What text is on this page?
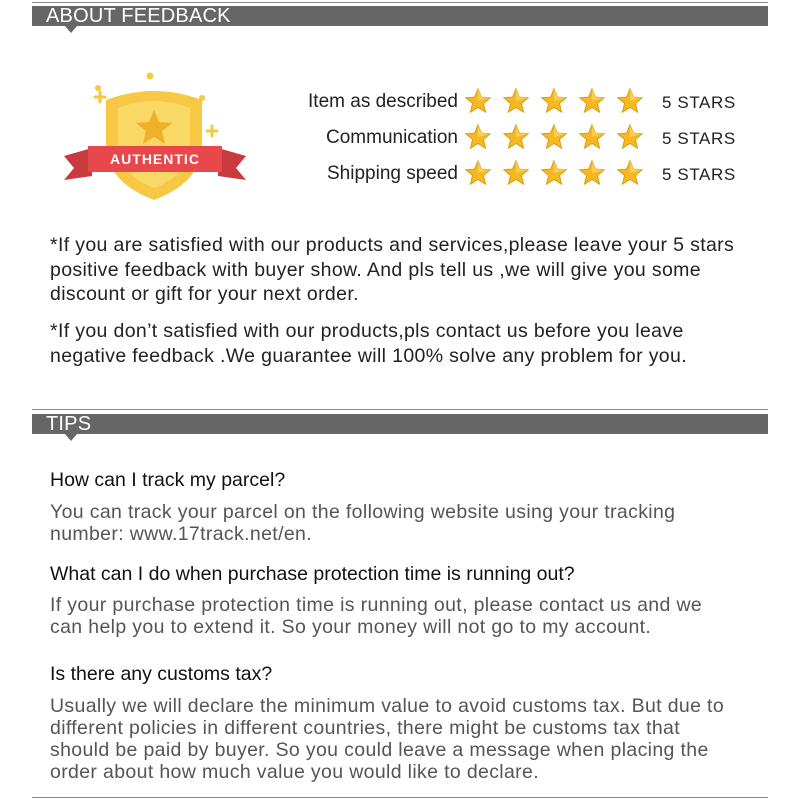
ABOUT FEEDBACK
AUTHENTIC
Item as described	5 STARS
Communication	5 STARS
Shipping speed	5 STARS
*If you are satisfied with our products and services,please leave your 5 stars positive feedback with buyer show. And pls tell us ,we will give you some discount or gift for your next order.
*If you don’t satisfied with our products,pls contact us before you leave negative feedback .We guarantee will 100% solve any problem for you.
TIPS
How can I track my parcel?
You can track your parcel on the following website using your tracking number: www.17track.net/en.
What can I do when purchase protection time is running out?
If your purchase protection time is running out, please contact us and we can help you to extend it. So your money will not go to my account.
Is there any customs tax?
Usually we will declare the minimum value to avoid customs tax. But due to different policies in different countries, there might be customs tax that should be paid by buyer. So you could leave a message when placing the order about how much value you would like to declare.
